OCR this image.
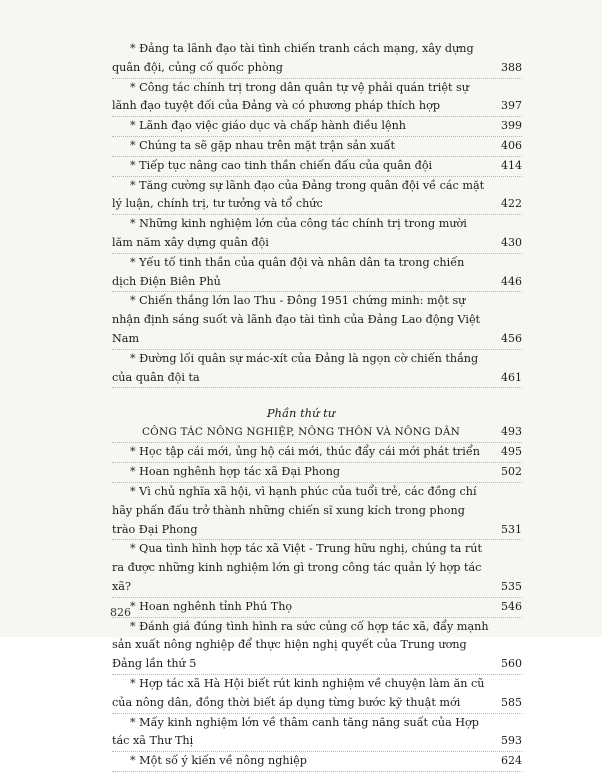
* Đảng ta lãnh đạo tài tình chiến tranh cách mạng, xây dựng quân đội, củng cố quốc phòng	388
* Công tác chính trị trong dân quân tự vệ phải quán triệt sự lãnh đạo tuyệt đối của Đảng và có phương pháp thích hợp	397
* Lãnh đạo việc giáo dục và chấp hành điều lệnh	399
* Chúng ta sẽ gặp nhau trên mặt trận sản xuất	406
* Tiếp tục nâng cao tinh thần chiến đấu của quân đội	414
* Tăng cường sự lãnh đạo của Đảng trong quân đội về các mặt lý luận, chính trị, tư tưởng và tổ chức	422
* Những kinh nghiệm lớn của công tác chính trị trong mười lăm năm xây dựng quân đội	430
* Yếu tố tinh thần của quân đội và nhân dân ta trong chiến dịch Điện Biên Phủ	446
* Chiến thắng lớn lao Thu - Đông 1951 chứng minh: một sự nhận định sáng suốt và lãnh đạo tài tình của Đảng Lao động Việt Nam	456
* Đường lối quân sự mác-xít của Đảng là ngọn cờ chiến thắng của quân đội ta	461
Phần thứ tư
CÔNG TÁC NÔNG NGHIỆP, NÔNG THÔN VÀ NÔNG DÂN	493
* Học tập cái mới, ủng hộ cái mới, thúc đẩy cái mới phát triển	495
* Hoan nghênh hợp tác xã Đại Phong	502
* Vì chủ nghĩa xã hội, vì hạnh phúc của tuổi trẻ, các đồng chí hãy phấn đấu trở thành những chiến sĩ xung kích trong phong trào Đại Phong	531
* Qua tình hình hợp tác xã Việt - Trung hữu nghị, chúng ta rút ra được những kinh nghiệm lớn gì trong công tác quản lý hợp tác xã?	535
* Hoan nghênh tỉnh Phú Thọ	546
* Đánh giá đúng tình hình ra sức củng cố hợp tác xã, đẩy mạnh sản xuất nông nghiệp để thực hiện nghị quyết của Trung ương Đảng lần thứ 5	560
* Hợp tác xã Hà Hội biết rút kinh nghiệm về chuyện làm ăn cũ của nông dân, đồng thời biết áp dụng từng bước kỹ thuật mới	585
* Mấy kinh nghiệm lớn về thâm canh tăng năng suất của Hợp tác xã Thư Thị	593
* Một số ý kiến về nông nghiệp	624
826
